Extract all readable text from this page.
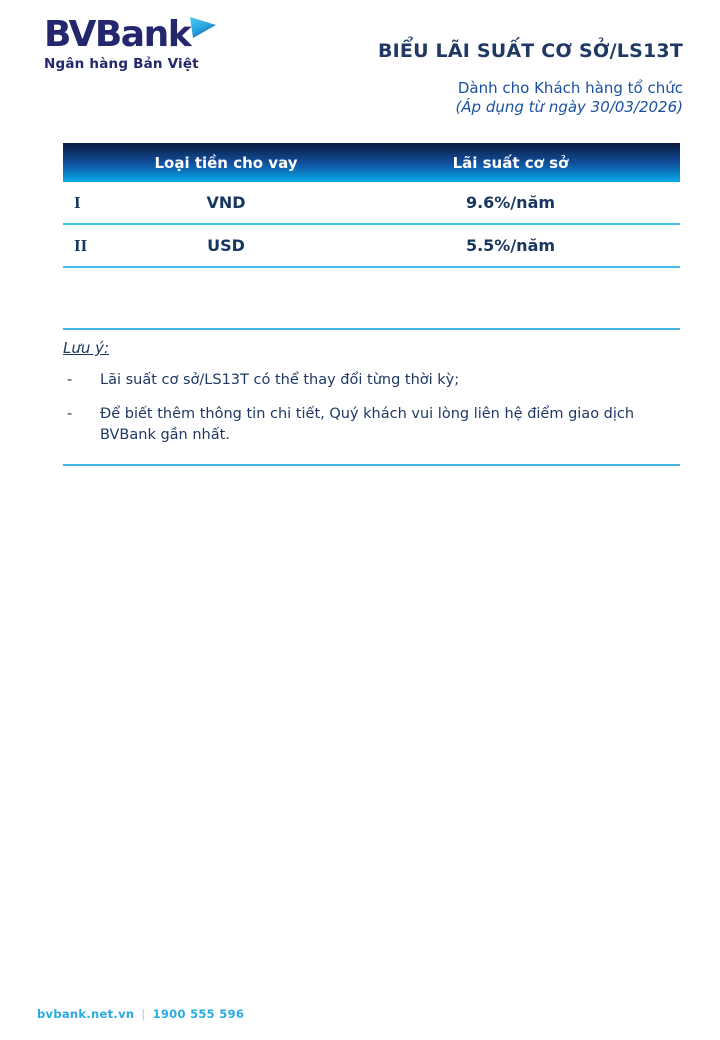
BVBank
Ngân hàng Bản Việt
BIỂU LÃI SUẤT CƠ SỞ/LS13T
Dành cho Khách hàng tổ chức
(Áp dụng từ ngày 30/03/2026)
Loại tiền cho vay	Lãi suất cơ sở
I	VND	9.6%/năm
II	USD	5.5%/năm
Lưu ý:
-	Lãi suất cơ sở/LS13T có thể thay đổi từng thời kỳ;
-	Để biết thêm thông tin chi tiết, Quý khách vui lòng liên hệ điểm giao dịch BVBank gần nhất.
bvbank.net.vn | 1900 555 596
